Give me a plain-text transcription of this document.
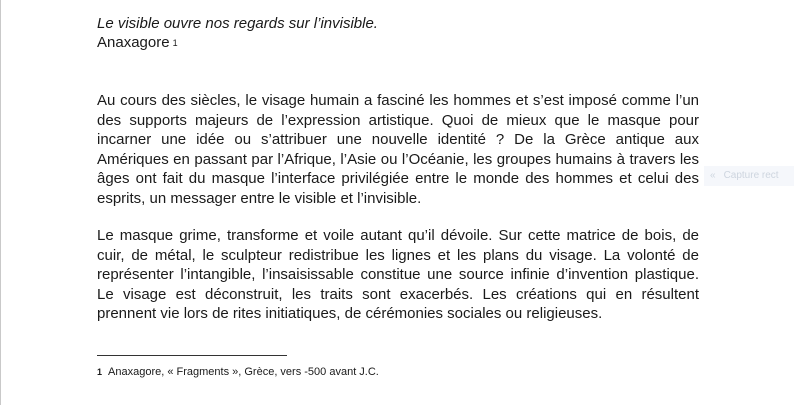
Le visible ouvre nos regards sur l’invisible.

Anaxagore $^1$

Au cours des siècles, le visage humain a fasciné les hommes et s’est imposé comme l’un des supports majeurs de l’expression artistique. Quoi de mieux que le masque pour incarner une idée ou s’attribuer une nouvelle identité ? De la Grèce antique aux Amériques en passant par l’Afrique, l’Asie ou l’Océanie, les groupes humains à travers les âges ont fait du masque l’interface privilégiée entre le monde des hommes et celui des esprits, un messager entre le visible et l’invisible.

Le masque grime, transforme et voile autant qu’il dévoile. Sur cette matrice de bois, de cuir, de métal, le sculpteur redistribue les lignes et les plans du visage. La volonté de représenter l’intangible, l’insaisissable constitue une source infinie d’invention plastique. Le visage est déconstruit, les traits sont exacerbés. Les créations qui en résultent prennent vie lors de rites initiatiques, de cérémonies sociales ou religieuses.

$^1$ Anaxagore, « Fragments », Grèce, vers -500 avant J.C.
« Capture rect
